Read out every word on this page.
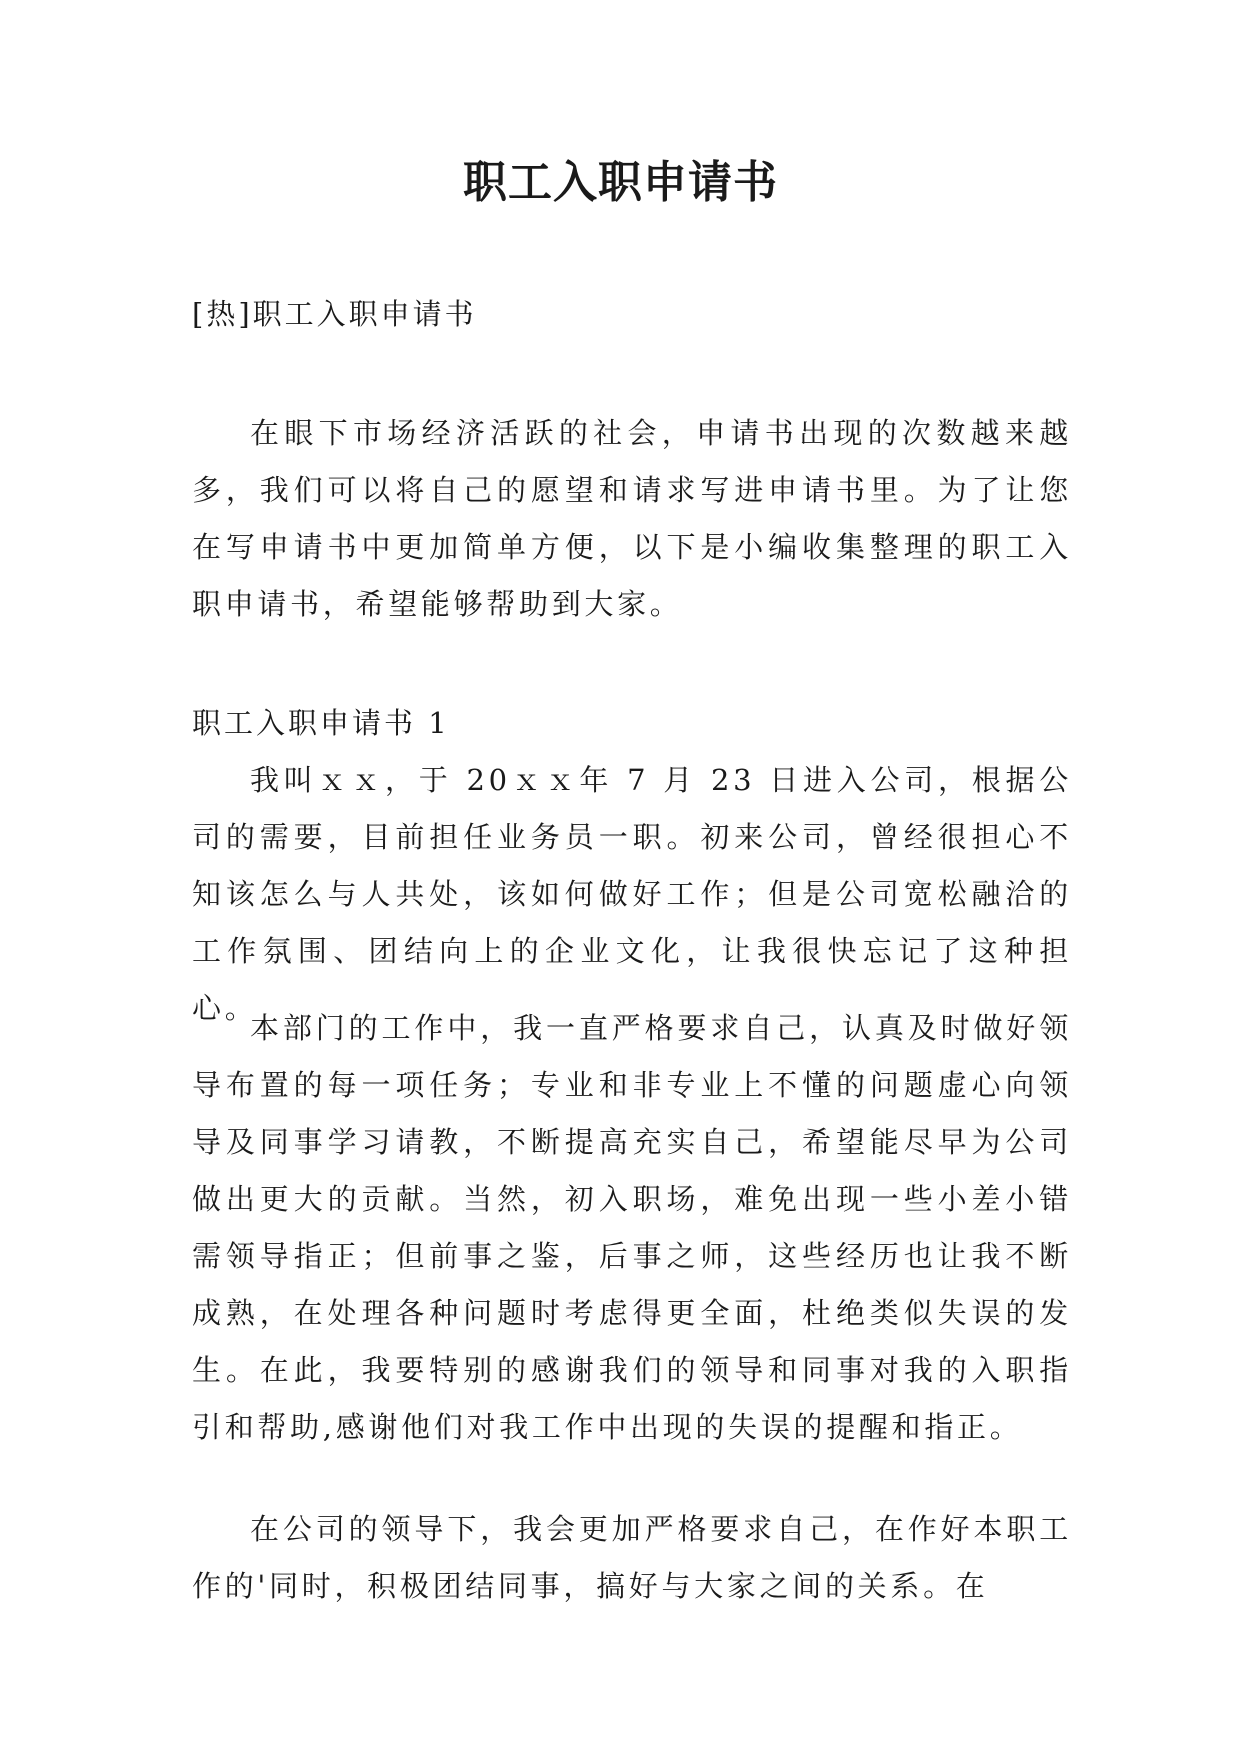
职工入职申请书
[热]职工入职申请书

在眼下市场经济活跃的社会，申请书出现的次数越来越多，我们可以将自己的愿望和请求写进申请书里。为了让您在写申请书中更加简单方便，以下是小编收集整理的职工入职申请书，希望能够帮助到大家。

职工入职申请书 1

我叫ｘｘ，于 20ｘｘ年 7 月 23 日进入公司，根据公司的需要，目前担任业务员一职。初来公司，曾经很担心不知该怎么与人共处，该如何做好工作；但是公司宽松融洽的工作氛围、团结向上的企业文化，让我很快忘记了这种担心。

本部门的工作中，我一直严格要求自己，认真及时做好领导布置的每一项任务；专业和非专业上不懂的问题虚心向领导及同事学习请教，不断提高充实自己，希望能尽早为公司做出更大的贡献。当然，初入职场，难免出现一些小差小错需领导指正；但前事之鉴，后事之师，这些经历也让我不断成熟，在处理各种问题时考虑得更全面，杜绝类似失误的发生。在此，我要特别的感谢我们的领导和同事对我的入职指引和帮助,感谢他们对我工作中出现的失误的提醒和指正。

在公司的领导下，我会更加严格要求自己，在作好本职工作的'同时，积极团结同事，搞好与大家之间的关系。在
